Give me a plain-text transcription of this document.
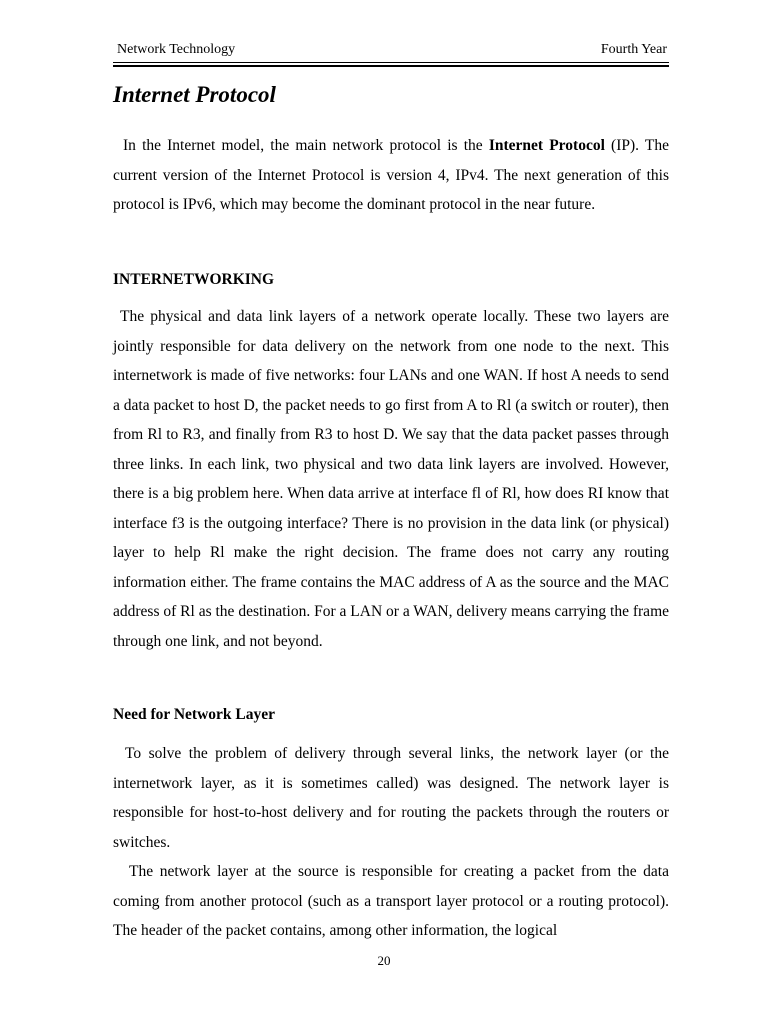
Network Technology	Fourth Year
Internet Protocol

In the Internet model, the main network protocol is the Internet Protocol (IP). The current version of the Internet Protocol is version 4, IPv4. The next generation of this protocol is IPv6, which may become the dominant protocol in the near future.

INTERNETWORKING

The physical and data link layers of a network operate locally. These two layers are jointly responsible for data delivery on the network from one node to the next. This internetwork is made of five networks: four LANs and one WAN. If host A needs to send a data packet to host D, the packet needs to go first from A to Rl (a switch or router), then from Rl to R3, and finally from R3 to host D. We say that the data packet passes through three links. In each link, two physical and two data link layers are involved. However, there is a big problem here. When data arrive at interface fl of Rl, how does RI know that interface f3 is the outgoing interface? There is no provision in the data link (or physical) layer to help Rl make the right decision. The frame does not carry any routing information either. The frame contains the MAC address of A as the source and the MAC address of Rl as the destination. For a LAN or a WAN, delivery means carrying the frame through one link, and not beyond.

Need for Network Layer

To solve the problem of delivery through several links, the network layer (or the internetwork layer, as it is sometimes called) was designed. The network layer is responsible for host-to-host delivery and for routing the packets through the routers or switches.

The network layer at the source is responsible for creating a packet from the data coming from another protocol (such as a transport layer protocol or a routing protocol). The header of the packet contains, among other information, the logical

20
